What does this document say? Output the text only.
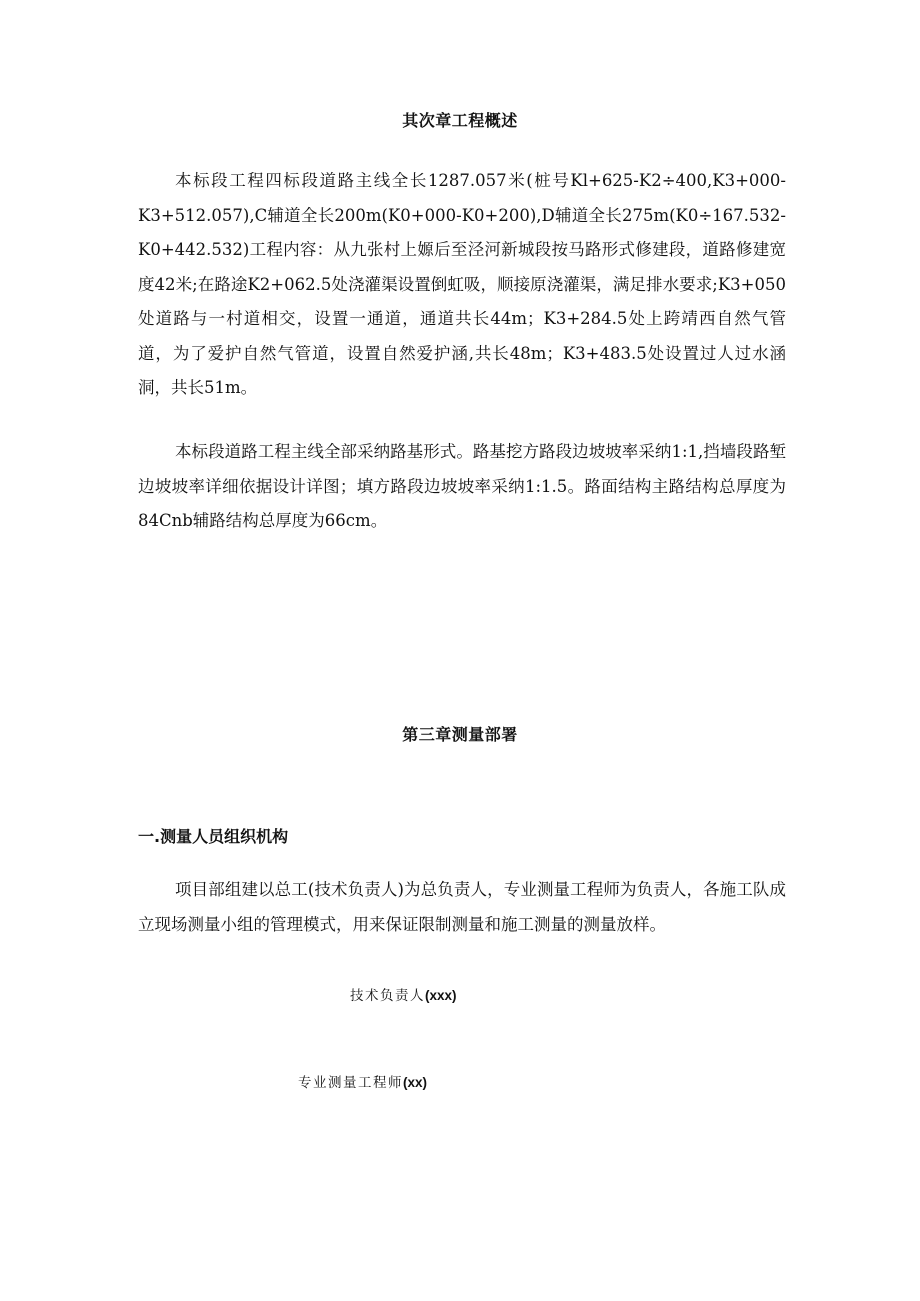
其次章工程概述

本标段工程四标段道路主线全长1287.057米(桩号Kl+625-K2÷400,K3+000-K3+512.057),C辅道全长200m(K0+000-K0+200),D辅道全长275m(K0÷167.532-K0+442.532)工程内容：从九张村上嫄后至泾河新城段按马路形式修建段，道路修建宽度42米;在路途K2+062.5处浇灌渠设置倒虹吸，顺接原浇灌渠，满足排水要求;K3+050处道路与一村道相交，设置一通道，通道共长44m；K3+284.5处上跨靖西自然气管道，为了爱护自然气管道，设置自然爱护涵,共长48m；K3+483.5处设置过人过水涵洞，共长51m。

本标段道路工程主线全部采纳路基形式。路基挖方路段边坡坡率采纳1:1,挡墙段路堑边坡坡率详细依据设计详图；填方路段边坡坡率采纳1:1.5。路面结构主路结构总厚度为84Cnb辅路结构总厚度为66cm。

第三章测量部署
一.测量人员组织机构

项目部组建以总工(技术负责人)为总负责人，专业测量工程师为负责人，各施工队成立现场测量小组的管理模式，用来保证限制测量和施工测量的测量放样。

技术负责人(xxx)
专业测量工程师(xx)
